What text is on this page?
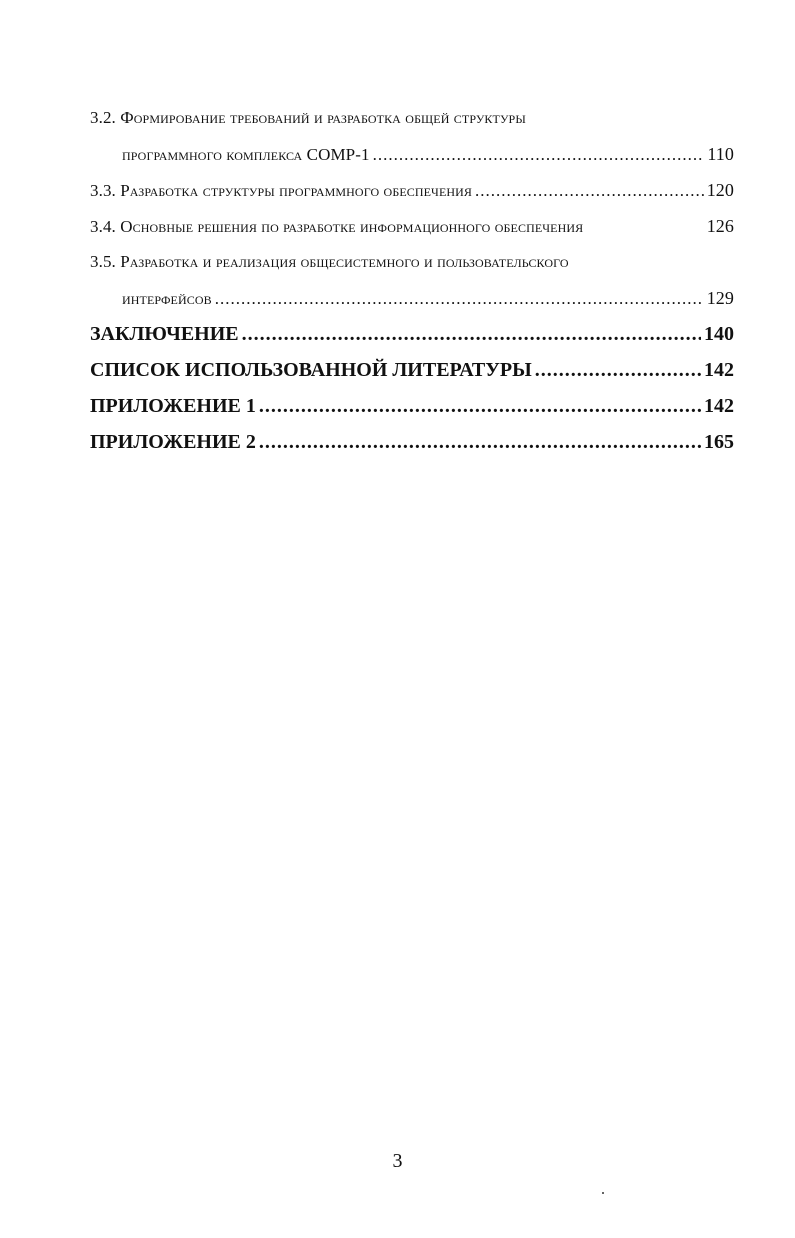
3.2. Формирование требований и разработка общей структуры
программного комплекса COMP-1 .....	110
3.3. Разработка структуры программного обеспечения .....	120
3.4. Основные решения по разработке информационного обеспечения	126
3.5. Разработка и реализация общесистемного и пользовательского
интерфейсов .....	129
ЗАКЛЮЧЕНИЕ .....	140
СПИСОК ИСПОЛЬЗОВАННОЙ ЛИТЕРАТУРЫ .....	142
ПРИЛОЖЕНИЕ 1 .....	142
ПРИЛОЖЕНИЕ 2 .....	165
3
